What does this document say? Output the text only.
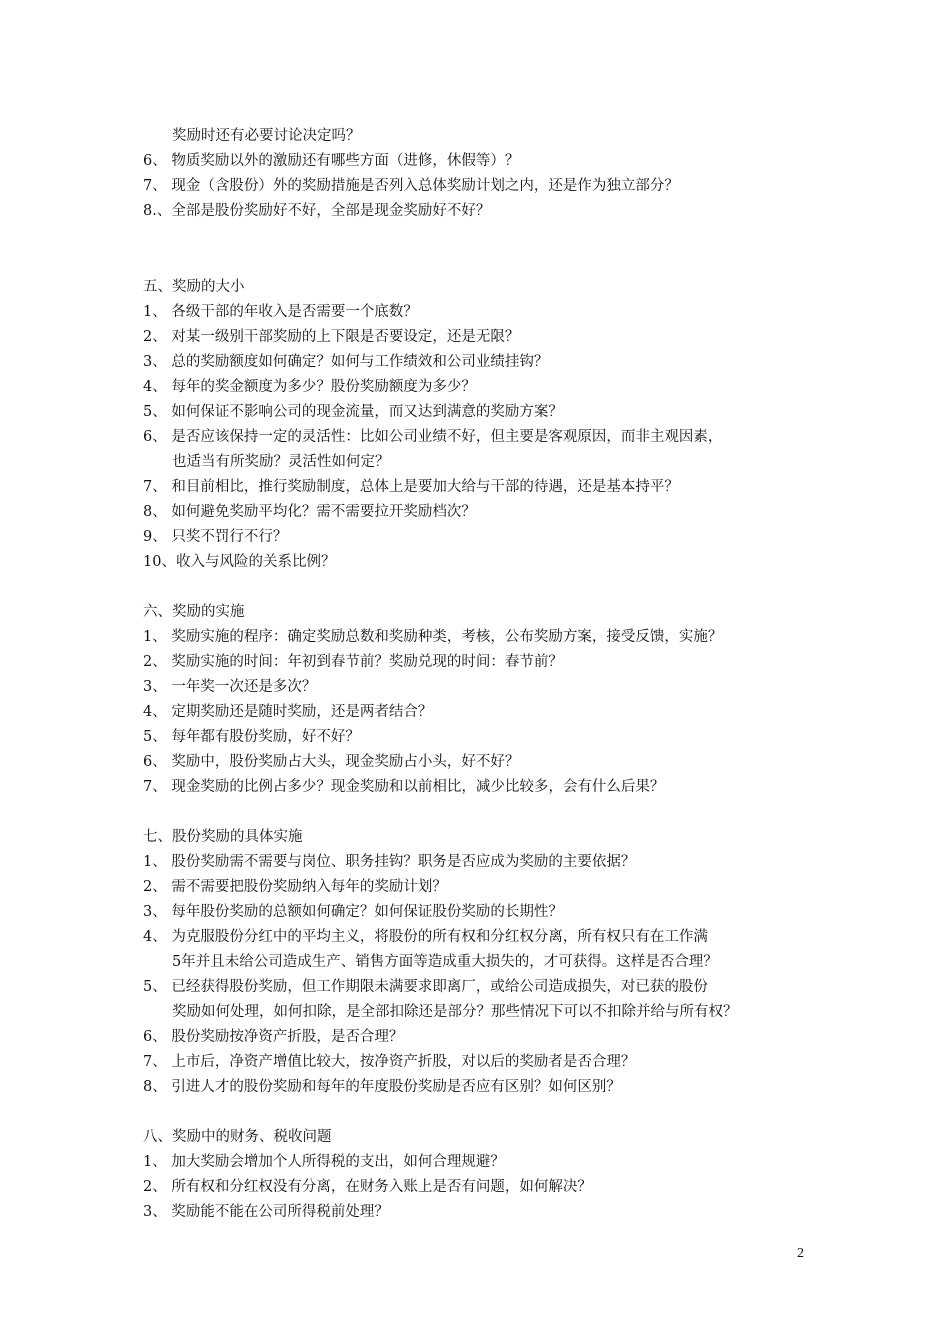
奖励时还有必要讨论决定吗？
6、 物质奖励以外的激励还有哪些方面（进修，休假等）？
7、 现金（含股份）外的奖励措施是否列入总体奖励计划之内，还是作为独立部分？
8.、全部是股份奖励好不好，全部是现金奖励好不好？
五、奖励的大小
1、 各级干部的年收入是否需要一个底数？
2、 对某一级别干部奖励的上下限是否要设定，还是无限？
3、 总的奖励额度如何确定？如何与工作绩效和公司业绩挂钩？
4、 每年的奖金额度为多少？股份奖励额度为多少？
5、 如何保证不影响公司的现金流量，而又达到满意的奖励方案？
6、 是否应该保持一定的灵活性：比如公司业绩不好，但主要是客观原因，而非主观因素，
也适当有所奖励？灵活性如何定？
7、 和目前相比，推行奖励制度，总体上是要加大给与干部的待遇，还是基本持平？
8、 如何避免奖励平均化？需不需要拉开奖励档次？
9、 只奖不罚行不行？
10、收入与风险的关系比例？
六、奖励的实施
1、 奖励实施的程序：确定奖励总数和奖励种类，考核，公布奖励方案，接受反馈，实施？
2、 奖励实施的时间：年初到春节前？奖励兑现的时间：春节前？
3、 一年奖一次还是多次？
4、 定期奖励还是随时奖励，还是两者结合？
5、 每年都有股份奖励，好不好？
6、 奖励中，股份奖励占大头，现金奖励占小头，好不好？
7、 现金奖励的比例占多少？现金奖励和以前相比，减少比较多，会有什么后果？
七、股份奖励的具体实施
1、 股份奖励需不需要与岗位、职务挂钩？职务是否应成为奖励的主要依据？
2、 需不需要把股份奖励纳入每年的奖励计划？
3、 每年股份奖励的总额如何确定？如何保证股份奖励的长期性？
4、 为克服股份分红中的平均主义，将股份的所有权和分红权分离，所有权只有在工作满
5年并且未给公司造成生产、销售方面等造成重大损失的，才可获得。这样是否合理？
5、 已经获得股份奖励，但工作期限未满要求即离厂，或给公司造成损失，对已获的股份
奖励如何处理，如何扣除，是全部扣除还是部分？那些情况下可以不扣除并给与所有权？
6、 股份奖励按净资产折股，是否合理？
7、 上市后，净资产增值比较大，按净资产折股，对以后的奖励者是否合理？
8、 引进人才的股份奖励和每年的年度股份奖励是否应有区别？如何区别？
八、奖励中的财务、税收问题
1、 加大奖励会增加个人所得税的支出，如何合理规避？
2、 所有权和分红权没有分离，在财务入账上是否有问题，如何解决？
3、 奖励能不能在公司所得税前处理？
2
